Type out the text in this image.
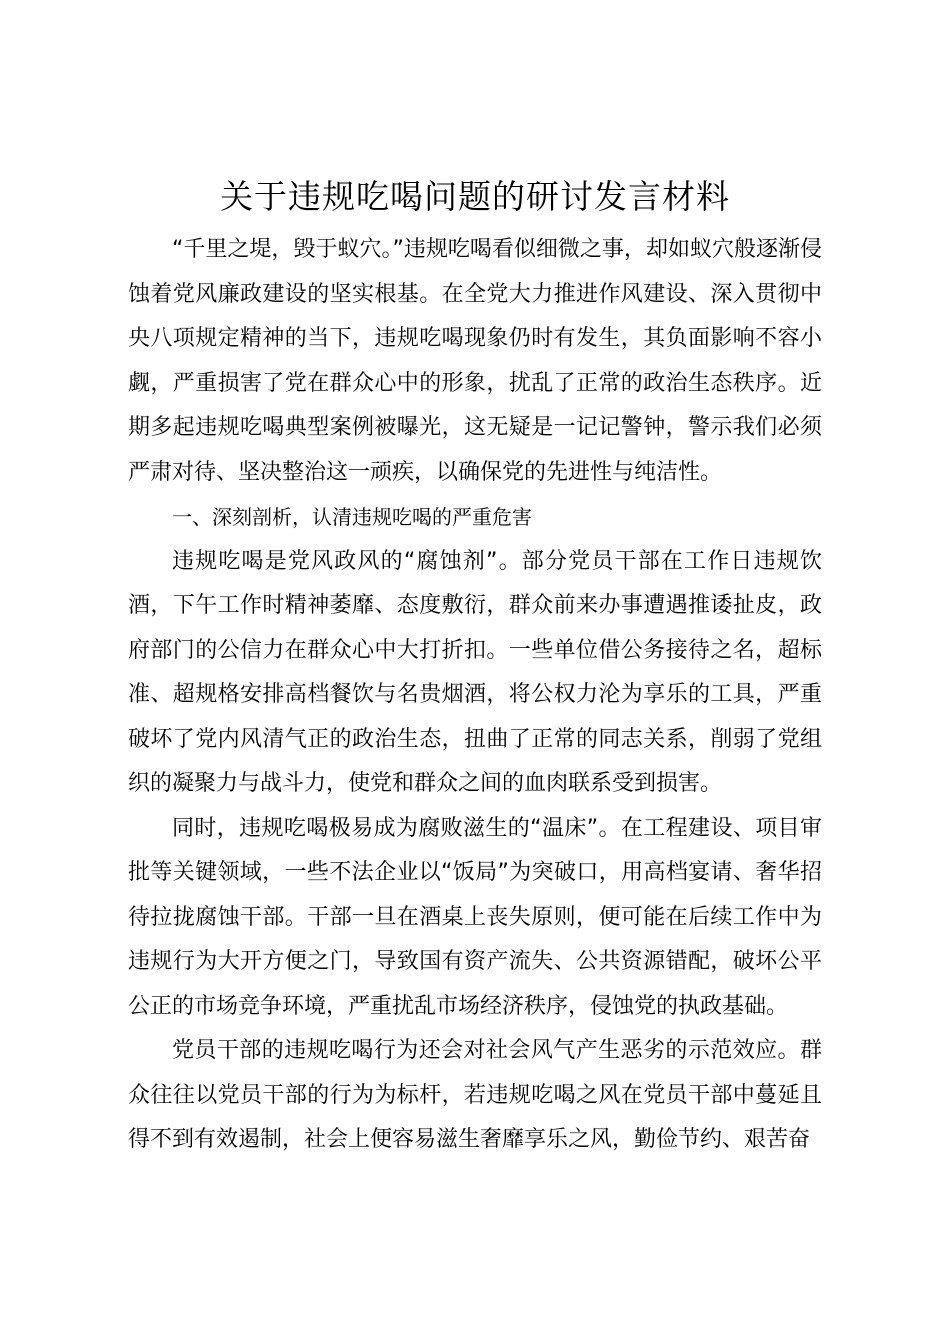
关于违规吃喝问题的研讨发言材料

“千里之堤，毁于蚁穴。”违规吃喝看似细微之事，却如蚁穴般逐渐侵蚀着党风廉政建设的坚实根基。在全党大力推进作风建设、深入贯彻中央八项规定精神的当下，违规吃喝现象仍时有发生，其负面影响不容小觑，严重损害了党在群众心中的形象，扰乱了正常的政治生态秩序。近期多起违规吃喝典型案例被曝光，这无疑是一记记警钟，警示我们必须严肃对待、坚决整治这一顽疾，以确保党的先进性与纯洁性。

一、深刻剖析，认清违规吃喝的严重危害

违规吃喝是党风政风的“腐蚀剂”。部分党员干部在工作日违规饮酒，下午工作时精神萎靡、态度敷衍，群众前来办事遭遇推诿扯皮，政府部门的公信力在群众心中大打折扣。一些单位借公务接待之名，超标准、超规格安排高档餐饮与名贵烟酒，将公权力沦为享乐的工具，严重破坏了党内风清气正的政治生态，扭曲了正常的同志关系，削弱了党组织的凝聚力与战斗力，使党和群众之间的血肉联系受到损害。

同时，违规吃喝极易成为腐败滋生的“温床”。在工程建设、项目审批等关键领域，一些不法企业以“饭局”为突破口，用高档宴请、奢华招待拉拢腐蚀干部。干部一旦在酒桌上丧失原则，便可能在后续工作中为违规行为大开方便之门，导致国有资产流失、公共资源错配，破坏公平公正的市场竞争环境，严重扰乱市场经济秩序，侵蚀党的执政基础。

党员干部的违规吃喝行为还会对社会风气产生恶劣的示范效应。群众往往以党员干部的行为为标杆，若违规吃喝之风在党员干部中蔓延且得不到有效遏制，社会上便容易滋生奢靡享乐之风，勤俭节约、艰苦奋
